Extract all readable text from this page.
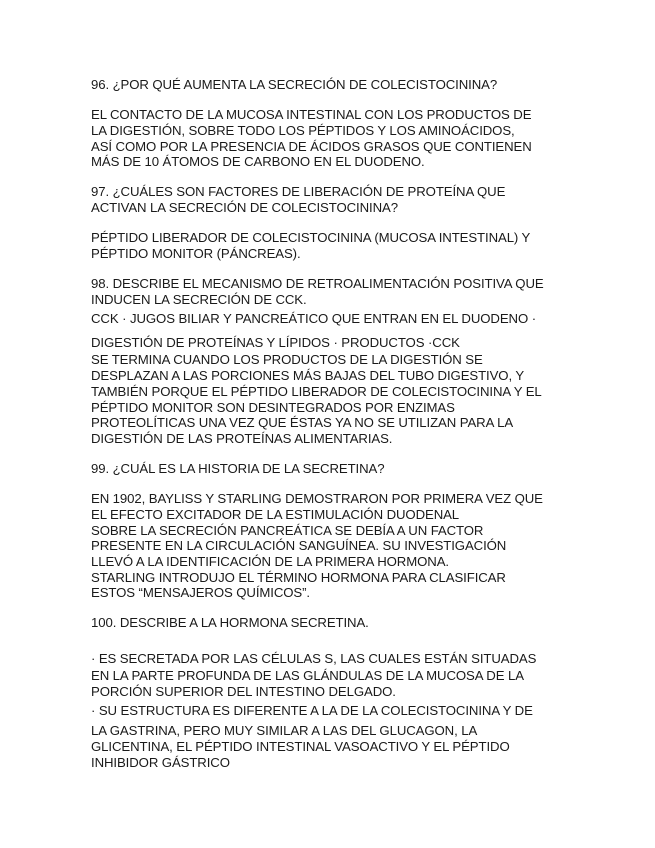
96. ¿POR QUÉ AUMENTA LA SECRECIÓN DE COLECISTOCININA?

EL CONTACTO DE LA MUCOSA INTESTINAL CON LOS PRODUCTOS DE

LA DIGESTIÓN, SOBRE TODO LOS PÉPTIDOS Y LOS AMINOÁCIDOS,

ASÍ COMO POR LA PRESENCIA DE ÁCIDOS GRASOS QUE CONTIENEN

MÁS DE 10 ÁTOMOS DE CARBONO EN EL DUODENO.

97. ¿CUÁLES SON FACTORES DE LIBERACIÓN DE PROTEÍNA QUE

ACTIVAN LA SECRECIÓN DE COLECISTOCININA?

PÉPTIDO LIBERADOR DE COLECISTOCININA (MUCOSA INTESTINAL) Y

PÉPTIDO MONITOR (PÁNCREAS).

98. DESCRIBE EL MECANISMO DE RETROALIMENTACIÓN POSITIVA QUE

INDUCEN LA SECRECIÓN DE CCK.

CCK · JUGOS BILIAR Y PANCREÁTICO QUE ENTRAN EN EL DUODENO ·

DIGESTIÓN DE PROTEÍNAS Y LÍPIDOS · PRODUCTOS ·CCK

SE TERMINA CUANDO LOS PRODUCTOS DE LA DIGESTIÓN SE

DESPLAZAN A LAS PORCIONES MÁS BAJAS DEL TUBO DIGESTIVO, Y

TAMBIÉN PORQUE EL PÉPTIDO LIBERADOR DE COLECISTOCININA Y EL

PÉPTIDO MONITOR SON DESINTEGRADOS POR ENZIMAS

PROTEOLÍTICAS UNA VEZ QUE ÉSTAS YA NO SE UTILIZAN PARA LA

DIGESTIÓN DE LAS PROTEÍNAS ALIMENTARIAS.

99. ¿CUÁL ES LA HISTORIA DE LA SECRETINA?

EN 1902, BAYLISS Y STARLING DEMOSTRARON POR PRIMERA VEZ QUE

EL EFECTO EXCITADOR DE LA ESTIMULACIÓN DUODENAL

SOBRE LA SECRECIÓN PANCREÁTICA SE DEBÍA A UN FACTOR

PRESENTE EN LA CIRCULACIÓN SANGUÍNEA. SU INVESTIGACIÓN

LLEVÓ A LA IDENTIFICACIÓN DE LA PRIMERA HORMONA.

STARLING INTRODUJO EL TÉRMINO HORMONA PARA CLASIFICAR

ESTOS “MENSAJEROS QUÍMICOS”.

100. DESCRIBE A LA HORMONA SECRETINA.

· ES SECRETADA POR LAS CÉLULAS S, LAS CUALES ESTÁN SITUADAS

EN LA PARTE PROFUNDA DE LAS GLÁNDULAS DE LA MUCOSA DE LA

PORCIÓN SUPERIOR DEL INTESTINO DELGADO.

· SU ESTRUCTURA ES DIFERENTE A LA DE LA COLECISTOCININA Y DE

LA GASTRINA, PERO MUY SIMILAR A LAS DEL GLUCAGON, LA

GLICENTINA, EL PÉPTIDO INTESTINAL VASOACTIVO Y EL PÉPTIDO

INHIBIDOR GÁSTRICO
